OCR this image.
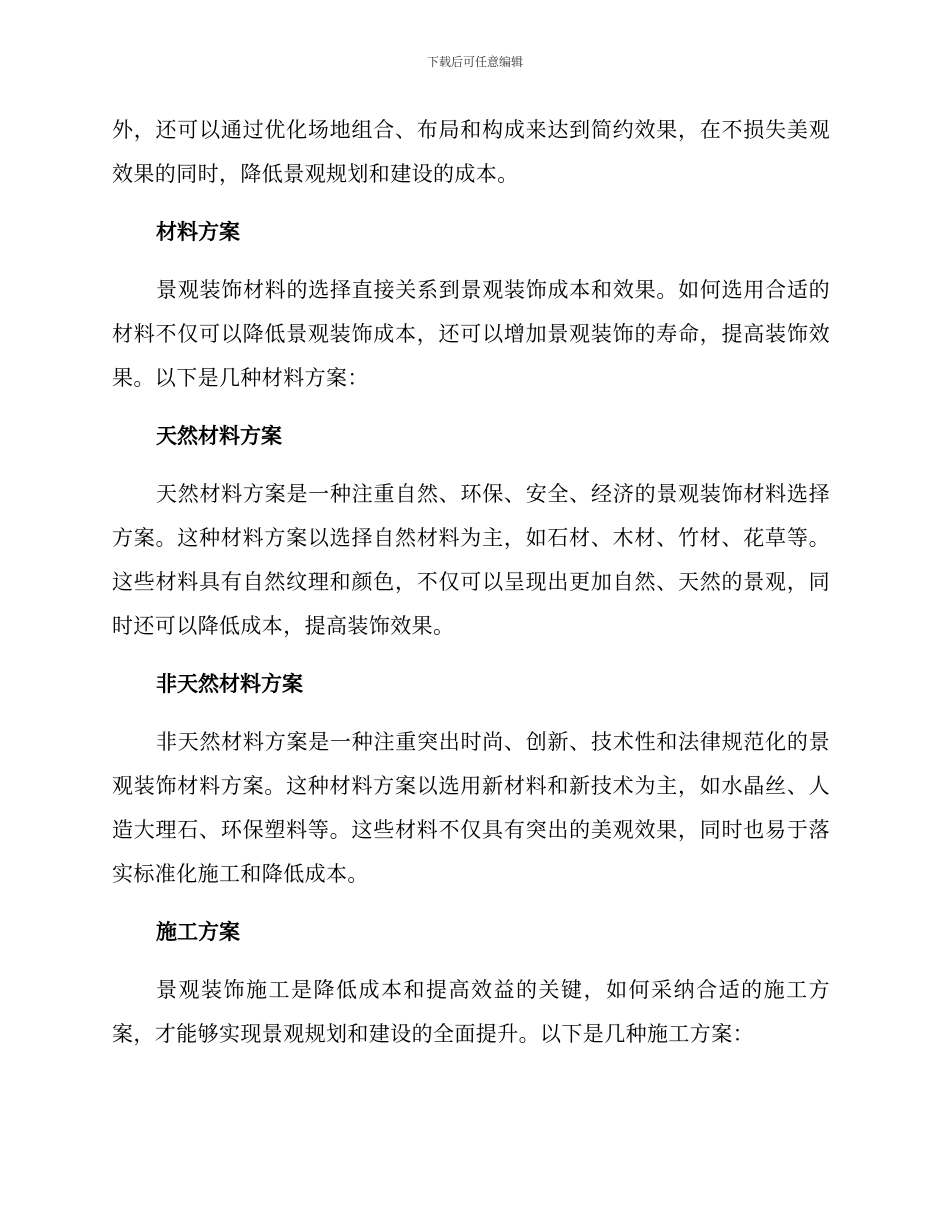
下载后可任意编辑

外，还可以通过优化场地组合、布局和构成来达到简约效果，在不损失美观效果的同时，降低景观规划和建设的成本。

材料方案

景观装饰材料的选择直接关系到景观装饰成本和效果。如何选用合适的材料不仅可以降低景观装饰成本，还可以增加景观装饰的寿命，提高装饰效果。以下是几种材料方案：

天然材料方案

天然材料方案是一种注重自然、环保、安全、经济的景观装饰材料选择方案。这种材料方案以选择自然材料为主，如石材、木材、竹材、花草等。这些材料具有自然纹理和颜色，不仅可以呈现出更加自然、天然的景观，同时还可以降低成本，提高装饰效果。

非天然材料方案

非天然材料方案是一种注重突出时尚、创新、技术性和法律规范化的景观装饰材料方案。这种材料方案以选用新材料和新技术为主，如水晶丝、人造大理石、环保塑料等。这些材料不仅具有突出的美观效果，同时也易于落实标准化施工和降低成本。

施工方案

景观装饰施工是降低成本和提高效益的关键，如何采纳合适的施工方案，才能够实现景观规划和建设的全面提升。以下是几种施工方案：
